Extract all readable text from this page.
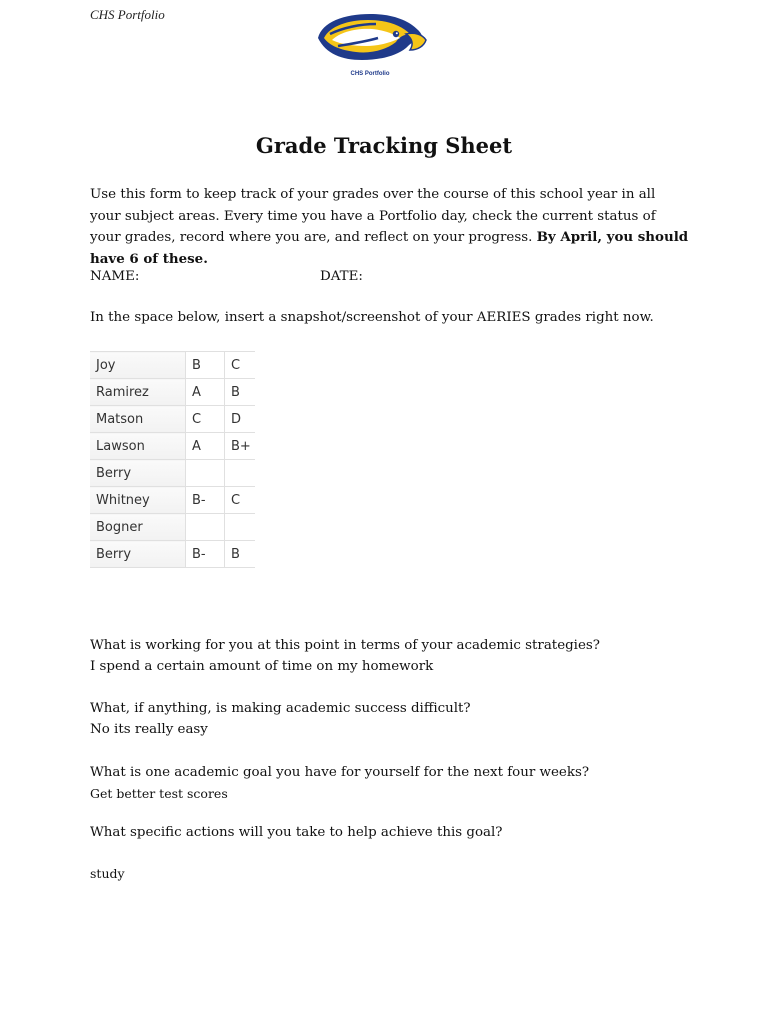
CHS Portfolio
CHS Portfolio
Grade Tracking Sheet
Use this form to keep track of your grades over the course of this school year in all your subject areas. Every time you have a Portfolio day, check the current status of your grades, record where you are, and reflect on your progress. By April, you should have 6 of these.
NAME:	DATE:
In the space below, insert a snapshot/screenshot of your AERIES grades right now.
Joy	B	C
Ramirez	A	B
Matson	C	D
Lawson	A	B+
Berry		
Whitney	B-	C
Bogner		
Berry	B-	B
What is working for you at this point in terms of your academic strategies?
I spend a certain amount of time on my homework
What, if anything, is making academic success difficult?
No its really easy
What is one academic goal you have for yourself for the next four weeks?
Get better test scores
What specific actions will you take to help achieve this goal?
study
